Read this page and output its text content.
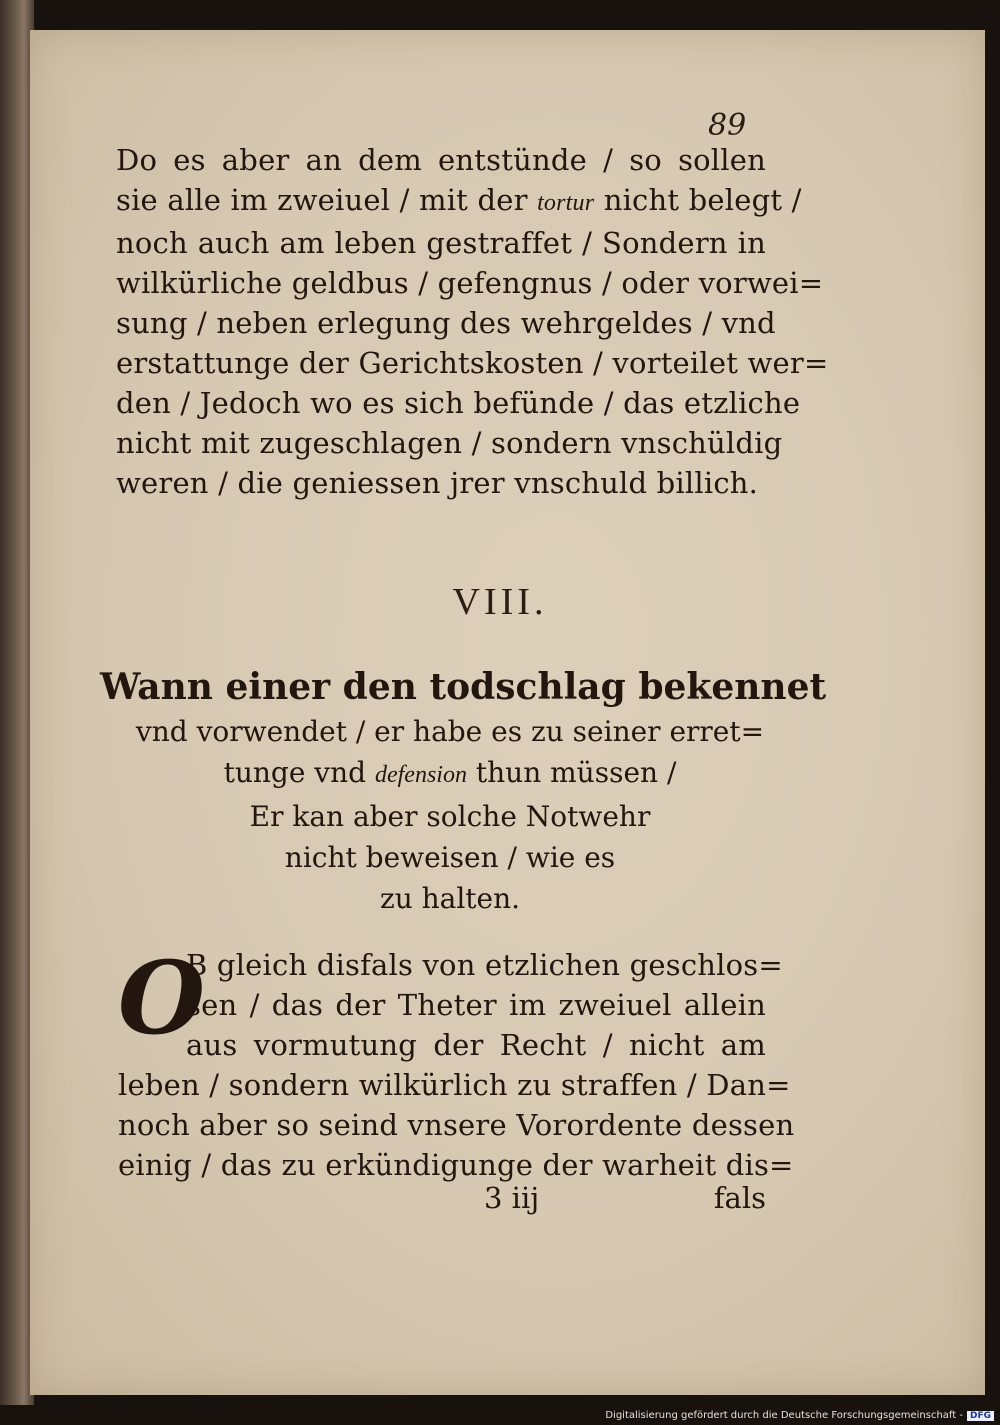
89
Do es aber an dem entstünde / so sollen
sie alle im zweiuel / mit der tortur nicht belegt /
noch auch am leben gestraffet / Sondern in
wilkürliche geldbus / gefengnus / oder vorwei=
sung / neben erlegung des wehrgeldes / vnd
erstattunge der Gerichtskosten / vorteilet wer=
den / Jedoch wo es sich befünde / das etzliche
nicht mit zugeschlagen / sondern vnschüldig
weren / die geniessen jrer vnschuld billich.
VIII.
Wann einer den todschlag bekennet
vnd vorwendet / er habe es zu seiner erret=
tunge vnd defension thun müssen /
Er kan aber solche Notwehr
nicht beweisen / wie es
zu halten.
O
B gleich disfals von etzlichen geschlos=
sen / das der Theter im zweiuel allein
aus vormutung der Recht / nicht am
leben / sondern wilkürlich zu straffen / Dan=
noch aber so seind vnsere Vorordente dessen
einig / das zu erkündigunge der warheit dis=
3 iij	fals
Digitalisierung gefördert durch die Deutsche Forschungsgemeinschaft - DFG
